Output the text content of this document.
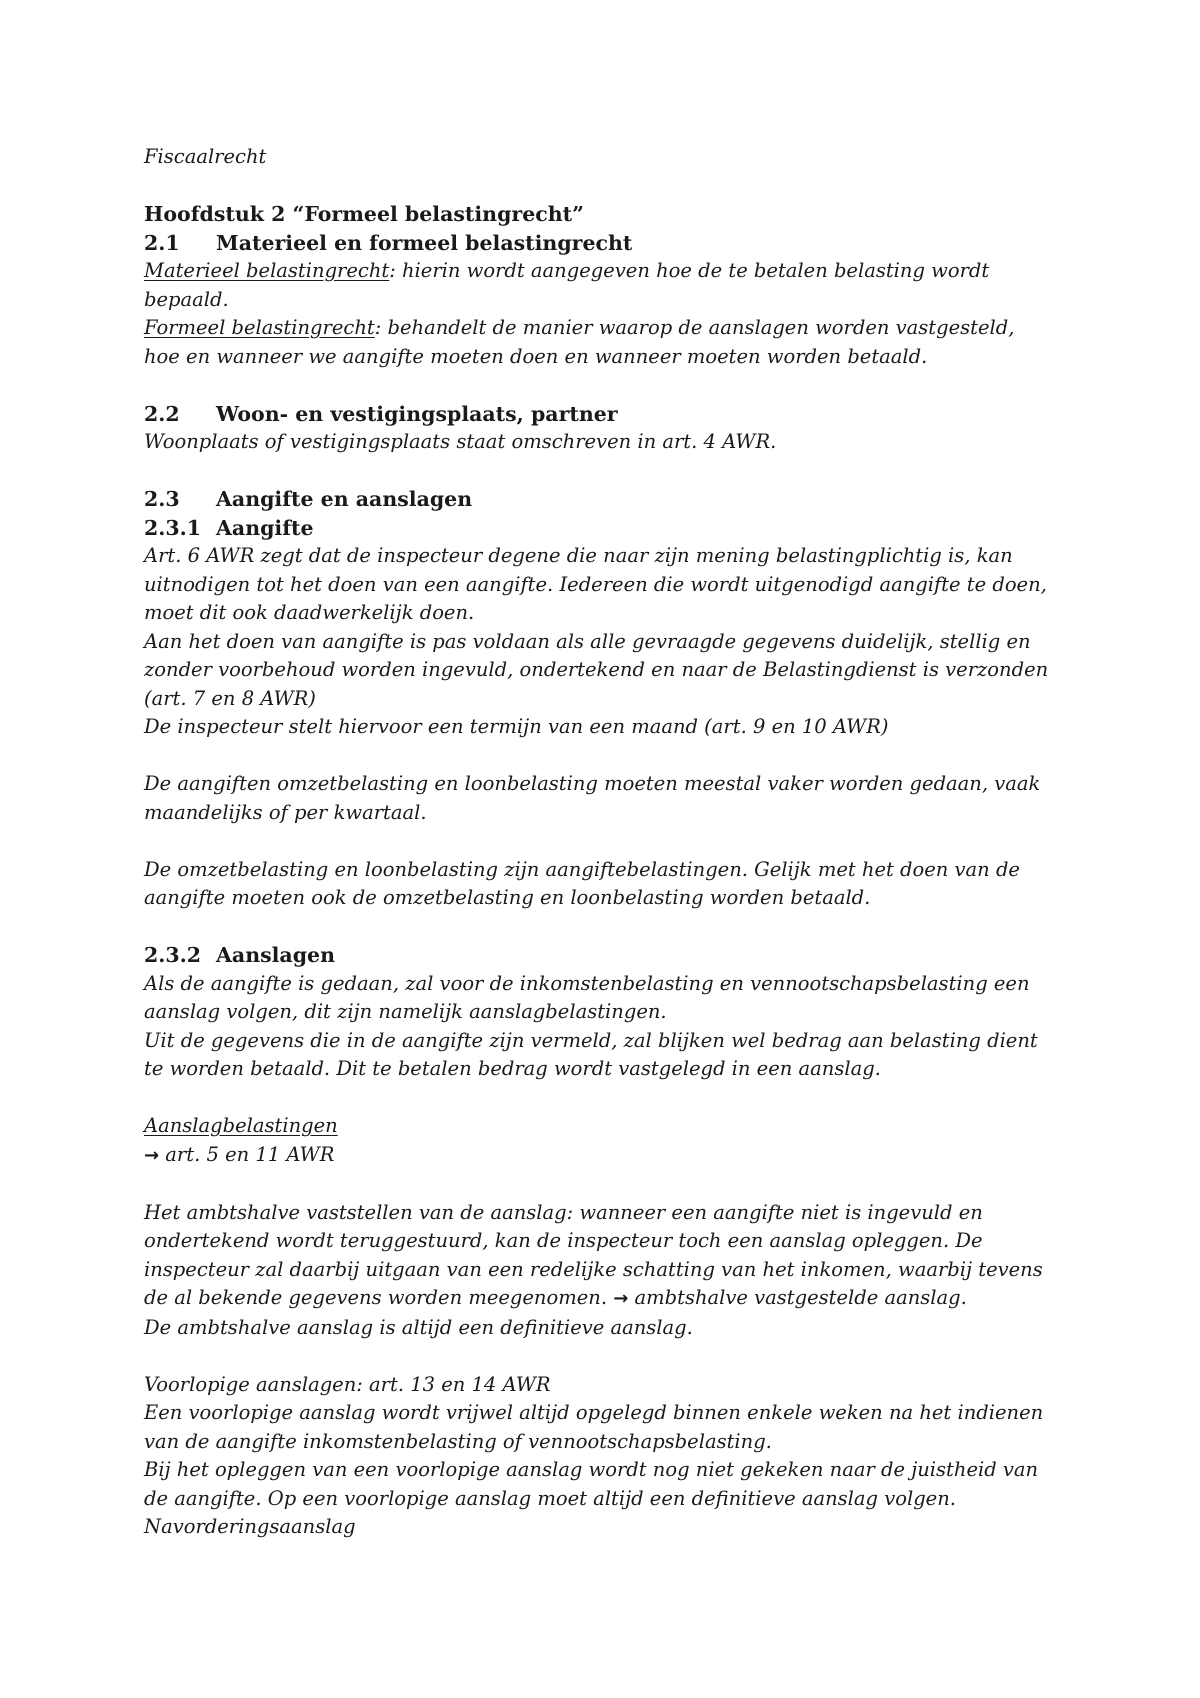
Fiscaalrecht

Hoofdstuk 2 “Formeel belastingrecht”

2.1 Materieel en formeel belastingrecht

Materieel belastingrecht: hierin wordt aangegeven hoe de te betalen belasting wordt

bepaald.

Formeel belastingrecht: behandelt de manier waarop de aanslagen worden vastgesteld,

hoe en wanneer we aangifte moeten doen en wanneer moeten worden betaald.

2.2 Woon- en vestigingsplaats, partner

Woonplaats of vestigingsplaats staat omschreven in art. 4 AWR.

2.3 Aangifte en aanslagen

2.3.1 Aangifte

Art. 6 AWR zegt dat de inspecteur degene die naar zijn mening belastingplichtig is, kan

uitnodigen tot het doen van een aangifte. Iedereen die wordt uitgenodigd aangifte te doen,

moet dit ook daadwerkelijk doen.

Aan het doen van aangifte is pas voldaan als alle gevraagde gegevens duidelijk, stellig en

zonder voorbehoud worden ingevuld, ondertekend en naar de Belastingdienst is verzonden

(art. 7 en 8 AWR)

De inspecteur stelt hiervoor een termijn van een maand (art. 9 en 10 AWR)

De aangiften omzetbelasting en loonbelasting moeten meestal vaker worden gedaan, vaak

maandelijks of per kwartaal.

De omzetbelasting en loonbelasting zijn aangiftebelastingen. Gelijk met het doen van de

aangifte moeten ook de omzetbelasting en loonbelasting worden betaald.

2.3.2 Aanslagen

Als de aangifte is gedaan, zal voor de inkomstenbelasting en vennootschapsbelasting een

aanslag volgen, dit zijn namelijk aanslagbelastingen.

Uit de gegevens die in de aangifte zijn vermeld, zal blijken wel bedrag aan belasting dient

te worden betaald. Dit te betalen bedrag wordt vastgelegd in een aanslag.

Aanslagbelastingen

→ art. 5 en 11 AWR

Het ambtshalve vaststellen van de aanslag: wanneer een aangifte niet is ingevuld en

ondertekend wordt teruggestuurd, kan de inspecteur toch een aanslag opleggen. De

inspecteur zal daarbij uitgaan van een redelijke schatting van het inkomen, waarbij tevens

de al bekende gegevens worden meegenomen. → ambtshalve vastgestelde aanslag.

De ambtshalve aanslag is altijd een definitieve aanslag.

Voorlopige aanslagen: art. 13 en 14 AWR

Een voorlopige aanslag wordt vrijwel altijd opgelegd binnen enkele weken na het indienen

van de aangifte inkomstenbelasting of vennootschapsbelasting.

Bij het opleggen van een voorlopige aanslag wordt nog niet gekeken naar de juistheid van

de aangifte. Op een voorlopige aanslag moet altijd een definitieve aanslag volgen.

Navorderingsaanslag
